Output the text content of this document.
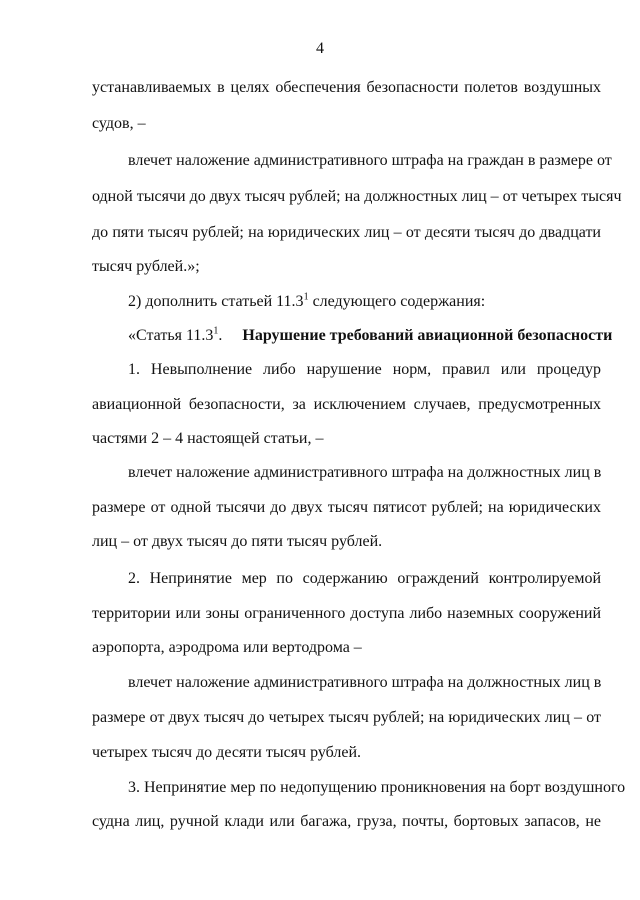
4
устанавливаемых в целях обеспечения безопасности полетов воздушных
судов, –
влечет наложение административного штрафа на граждан в размере от
одной тысячи до двух тысяч рублей; на должностных лиц – от четырех тысяч
до пяти тысяч рублей; на юридических лиц – от десяти тысяч до двадцати
тысяч рублей.»;
2) дополнить статьей 11.3$^1$ следующего содержания:
«Статья 11.3$^1$. Нарушение требований авиационной безопасности
1. Невыполнение либо нарушение норм, правил или процедур
авиационной безопасности, за исключением случаев, предусмотренных
частями 2 – 4 настоящей статьи, –
влечет наложение административного штрафа на должностных лиц в
размере от одной тысячи до двух тысяч пятисот рублей; на юридических
лиц – от двух тысяч до пяти тысяч рублей.
2. Непринятие мер по содержанию ограждений контролируемой
территории или зоны ограниченного доступа либо наземных сооружений
аэропорта, аэродрома или вертодрома –
влечет наложение административного штрафа на должностных лиц в
размере от двух тысяч до четырех тысяч рублей; на юридических лиц – от
четырех тысяч до десяти тысяч рублей.
3. Непринятие мер по недопущению проникновения на борт воздушного
судна лиц, ручной клади или багажа, груза, почты, бортовых запасов, не
